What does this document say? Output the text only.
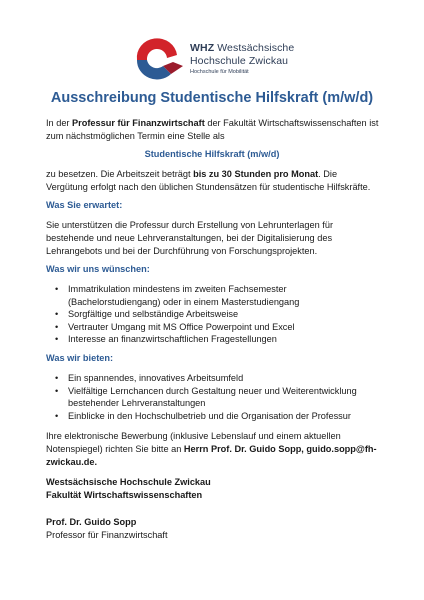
WHZ Westsächsische
Hochschule Zwickau
Hochschule für Mobilität
Ausschreibung Studentische Hilfskraft (m/w/d)
In der Professur für Finanzwirtschaft der Fakultät Wirtschaftswissenschaften ist
zum nächstmöglichen Termin eine Stelle als
Studentische Hilfskraft (m/w/d)
zu besetzen. Die Arbeitszeit beträgt bis zu 30 Stunden pro Monat. Die
Vergütung erfolgt nach den üblichen Stundensätzen für studentische Hilfskräfte.
Was Sie erwartet:
Sie unterstützen die Professur durch Erstellung von Lehrunterlagen für
bestehende und neue Lehrveranstaltungen, bei der Digitalisierung des
Lehrangebots und bei der Durchführung von Forschungsprojekten.
Was wir uns wünschen:
• Immatrikulation mindestens im zweiten Fachsemester
(Bachelorstudiengang) oder in einem Masterstudiengang
• Sorgfältige und selbständige Arbeitsweise
• Vertrauter Umgang mit MS Office Powerpoint und Excel
• Interesse an finanzwirtschaftlichen Fragestellungen
Was wir bieten:
• Ein spannendes, innovatives Arbeitsumfeld
• Vielfältige Lernchancen durch Gestaltung neuer und Weiterentwicklung
bestehender Lehrveranstaltungen
• Einblicke in den Hochschulbetrieb und die Organisation der Professur
Ihre elektronische Bewerbung (inklusive Lebenslauf und einem aktuellen
Notenspiegel) richten Sie bitte an Herrn Prof. Dr. Guido Sopp, guido.sopp@fh-
zwickau.de.
Westsächsische Hochschule Zwickau
Fakultät Wirtschaftswissenschaften
Prof. Dr. Guido Sopp
Professor für Finanzwirtschaft
